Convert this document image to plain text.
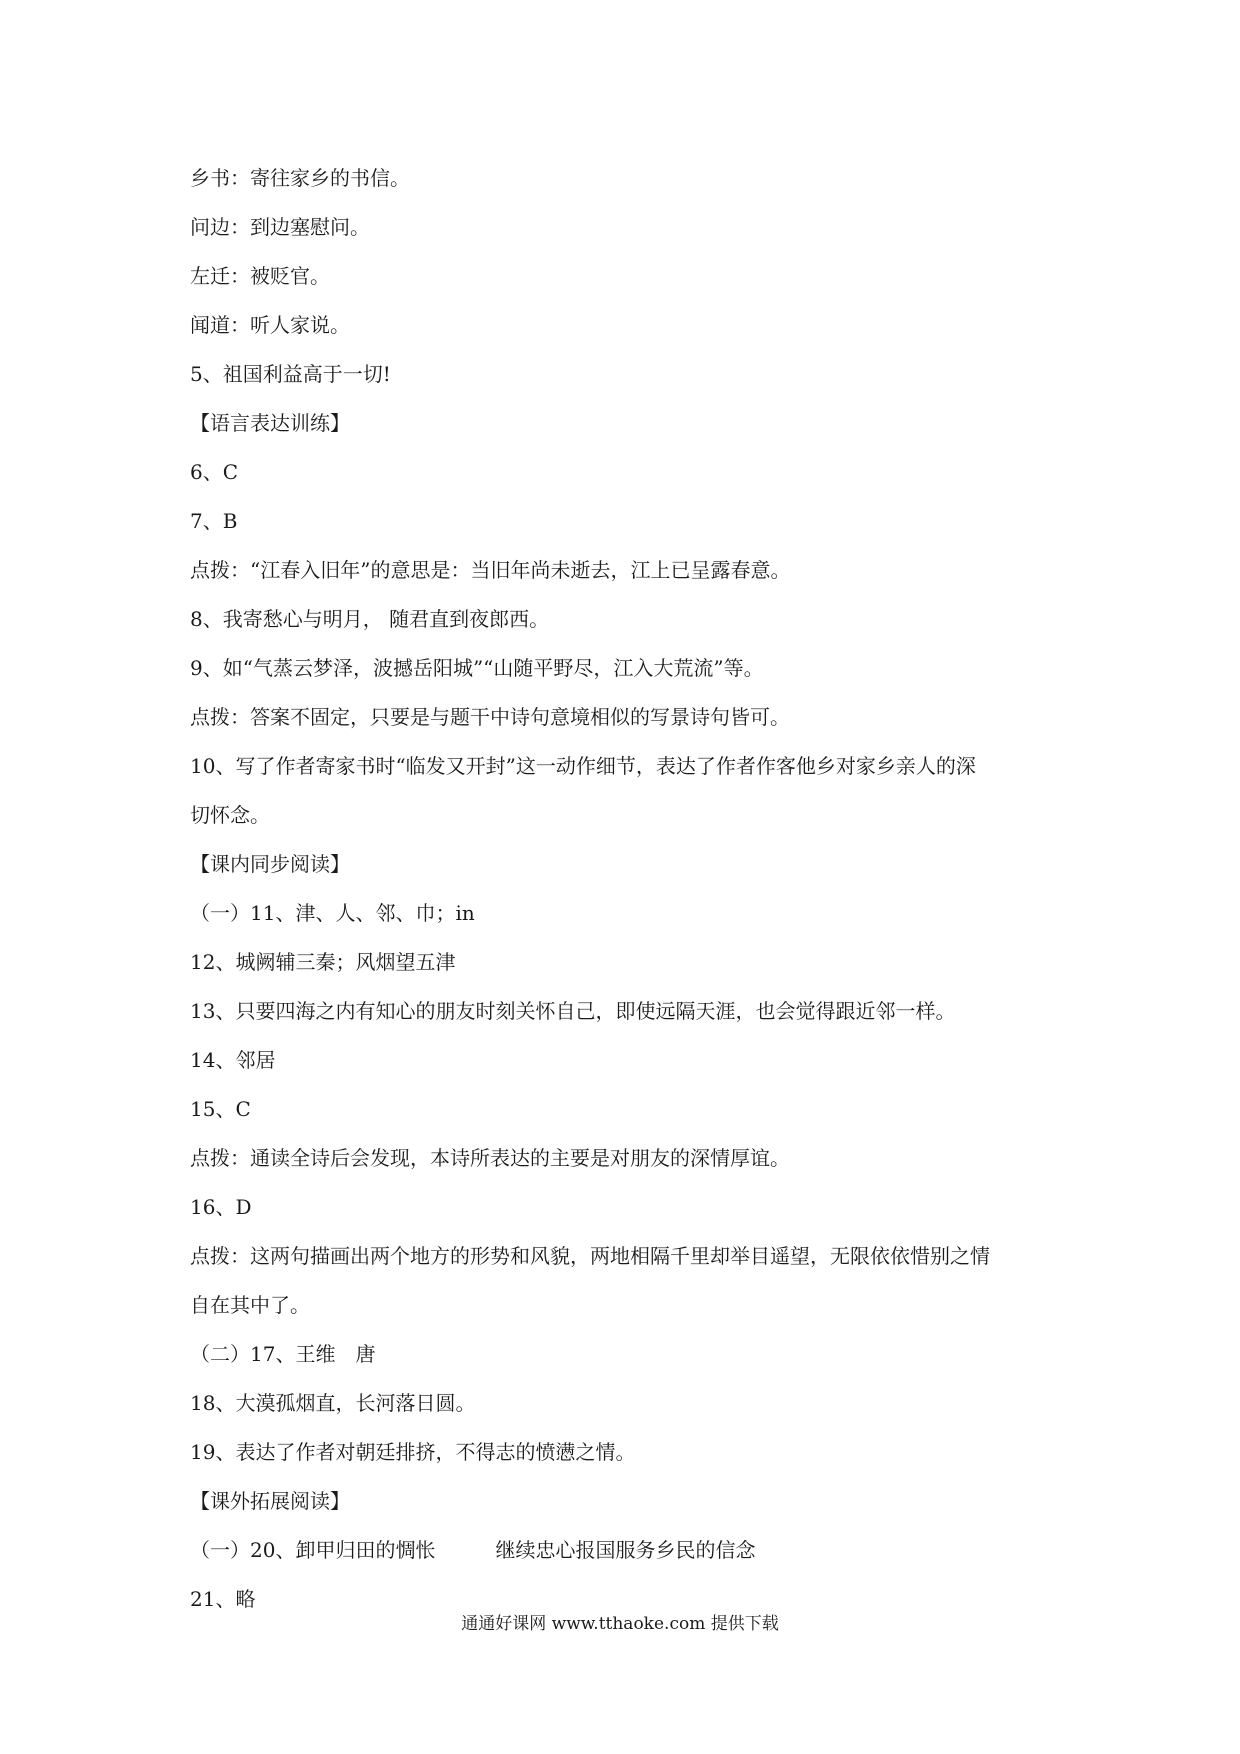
乡书：寄往家乡的书信。
问边：到边塞慰问。
左迁：被贬官。
闻道：听人家说。
5、祖国利益高于一切!
【语言表达训练】
6、C
7、B
点拨：“江春入旧年”的意思是：当旧年尚未逝去，江上已呈露春意。
8、我寄愁心与明月， 随君直到夜郎西。
9、如“气蒸云梦泽，波撼岳阳城”“山随平野尽，江入大荒流”等。
点拨：答案不固定，只要是与题干中诗句意境相似的写景诗句皆可。
10、写了作者寄家书时“临发又开封”这一动作细节，表达了作者作客他乡对家乡亲人的深
切怀念。
【课内同步阅读】
（一）11、津、人、邻、巾；in
12、城阙辅三秦；风烟望五津
13、只要四海之内有知心的朋友时刻关怀自己，即使远隔天涯，也会觉得跟近邻一样。
14、邻居
15、C
点拨：通读全诗后会发现，本诗所表达的主要是对朋友的深情厚谊。
16、D
点拨：这两句描画出两个地方的形势和风貌，两地相隔千里却举目遥望，无限依依惜别之情
自在其中了。
（二）17、王维　唐
18、大漠孤烟直，长河落日圆。
19、表达了作者对朝廷排挤，不得志的愤懑之情。
【课外拓展阅读】
（一）20、卸甲归田的惆怅　　　继续忠心报国服务乡民的信念
21、略
通通好课网 www.tthaoke.com 提供下载
